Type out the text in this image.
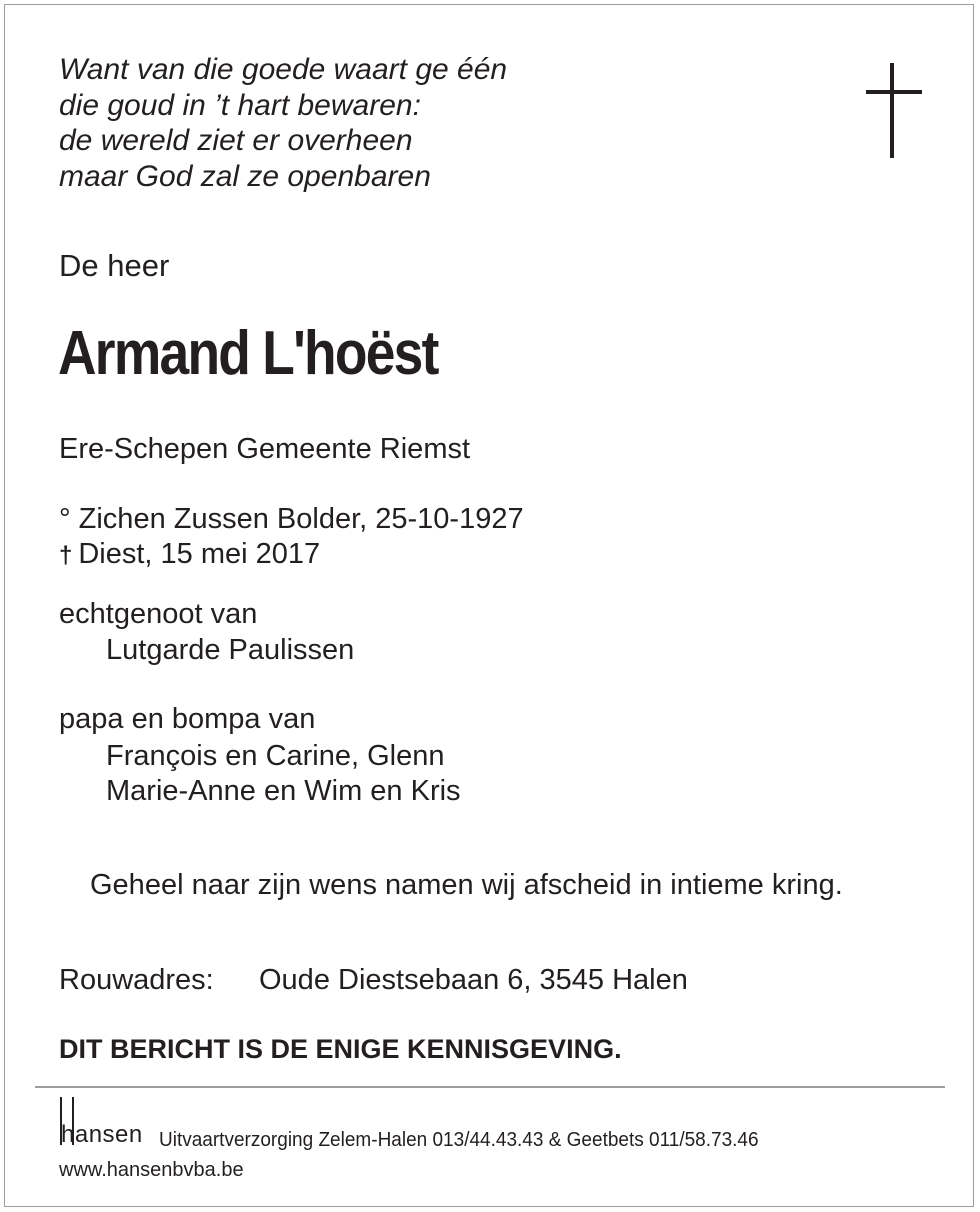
Want van die goede waart ge één
die goud in ’t hart bewaren:
de wereld ziet er overheen
maar God zal ze openbaren
De heer
Armand L'hoëst
Ere-Schepen Gemeente Riemst
° Zichen Zussen Bolder, 25-10-1927
† Diest, 15 mei 2017
echtgenoot van
Lutgarde Paulissen
papa en bompa van
François en Carine, Glenn
Marie-Anne en Wim en Kris
Geheel naar zijn wens namen wij afscheid in intieme kring.
Rouwadres: Oude Diestsebaan 6, 3545 Halen
DIT BERICHT IS DE ENIGE KENNISGEVING.
hansen Uitvaartverzorging Zelem-Halen 013/44.43.43 & Geetbets 011/58.73.46
www.hansenbvba.be
